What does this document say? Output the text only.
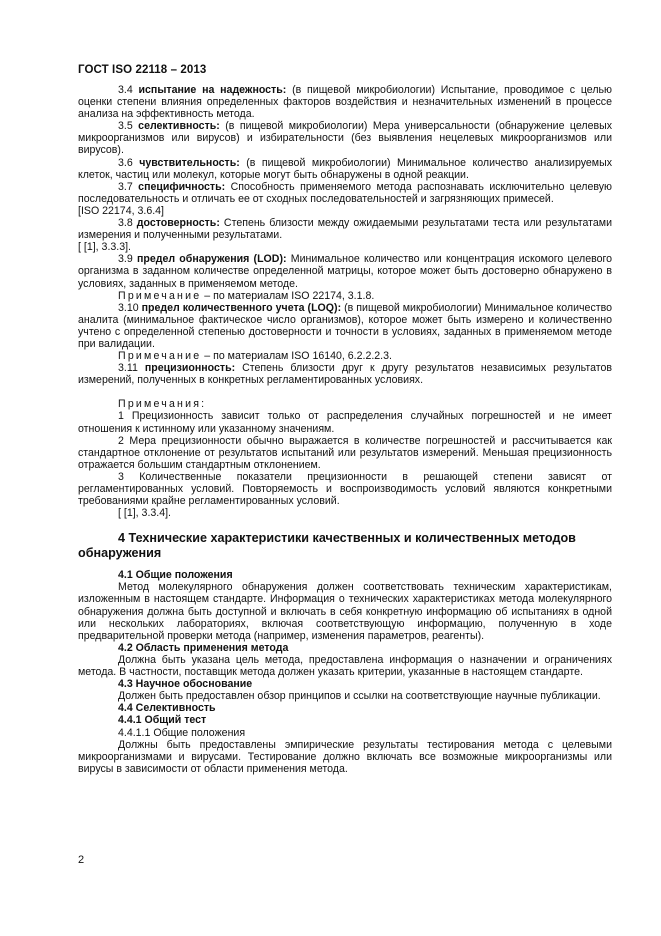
ГОСТ ISO 22118 – 2013

3.4 испытание на надежность: (в пищевой микробиологии) Испытание, проводимое с целью оценки степени влияния определенных факторов воздействия и незначительных изменений в процессе анализа на эффективность метода.

3.5 селективность: (в пищевой микробиологии) Мера универсальности (обнаружение целевых микроорганизмов или вирусов) и избирательности (без выявления нецелевых микроорганизмов или вирусов).

3.6 чувствительность: (в пищевой микробиологии) Минимальное количество анализируемых клеток, частиц или молекул, которые могут быть обнаружены в одной реакции.

3.7 специфичность: Способность применяемого метода распознавать исключительно целевую последовательность и отличать ее от сходных последовательностей и загрязняющих примесей.

[ISO 22174, 3.6.4]

3.8 достоверность: Степень близости между ожидаемыми результатами теста или результатами измерения и полученными результатами.

[ [1], 3.3.3].

3.9 предел обнаружения (LOD): Минимальное количество или концентрация искомого целевого организма в заданном количестве определенной матрицы, которое может быть достоверно обнаружено в условиях, заданных в применяемом методе.

Примечание – по материалам ISO 22174, 3.1.8.

3.10 предел количественного учета (LOQ): (в пищевой микробиологии) Минимальное количество аналита (минимальное фактическое число организмов), которое может быть измерено и количественно учтено с определенной степенью достоверности и точности в условиях, заданных в применяемом методе при валидации.

Примечание – по материалам ISO 16140, 6.2.2.2.3.

3.11 прецизионность: Степень близости друг к другу результатов независимых результатов измерений, полученных в конкретных регламентированных условиях.

Примечания:

1 Прецизионность зависит только от распределения случайных погрешностей и не имеет отношения к истинному или указанному значениям.

2 Мера прецизионности обычно выражается в количестве погрешностей и рассчитывается как стандартное отклонение от результатов испытаний или результатов измерений. Меньшая прецизионность отражается большим стандартным отклонением.

3 Количественные показатели прецизионности в решающей степени зависят от регламентированных условий. Повторяемость и воспроизводимость условий являются конкретными требованиями крайне регламентированных условий.

[ [1], 3.3.4].

4 Технические характеристики качественных и количественных методов обнаружения

4.1 Общие положения

Метод молекулярного обнаружения должен соответствовать техническим характеристикам, изложенным в настоящем стандарте. Информация о технических характеристиках метода молекулярного обнаружения должна быть доступной и включать в себя конкретную информацию об испытаниях в одной или нескольких лабораториях, включая соответствующую информацию, полученную в ходе предварительной проверки метода (например, изменения параметров, реагенты).

4.2 Область применения метода

Должна быть указана цель метода, предоставлена информация о назначении и ограничениях метода. В частности, поставщик метода должен указать критерии, указанные в настоящем стандарте.

4.3 Научное обоснование

Должен быть предоставлен обзор принципов и ссылки на соответствующие научные публикации.

4.4 Селективность

4.4.1 Общий тест

4.4.1.1 Общие положения

Должны быть предоставлены эмпирические результаты тестирования метода с целевыми микроорганизмами и вирусами. Тестирование должно включать все возможные микроорганизмы или вирусы в зависимости от области применения метода.

2
